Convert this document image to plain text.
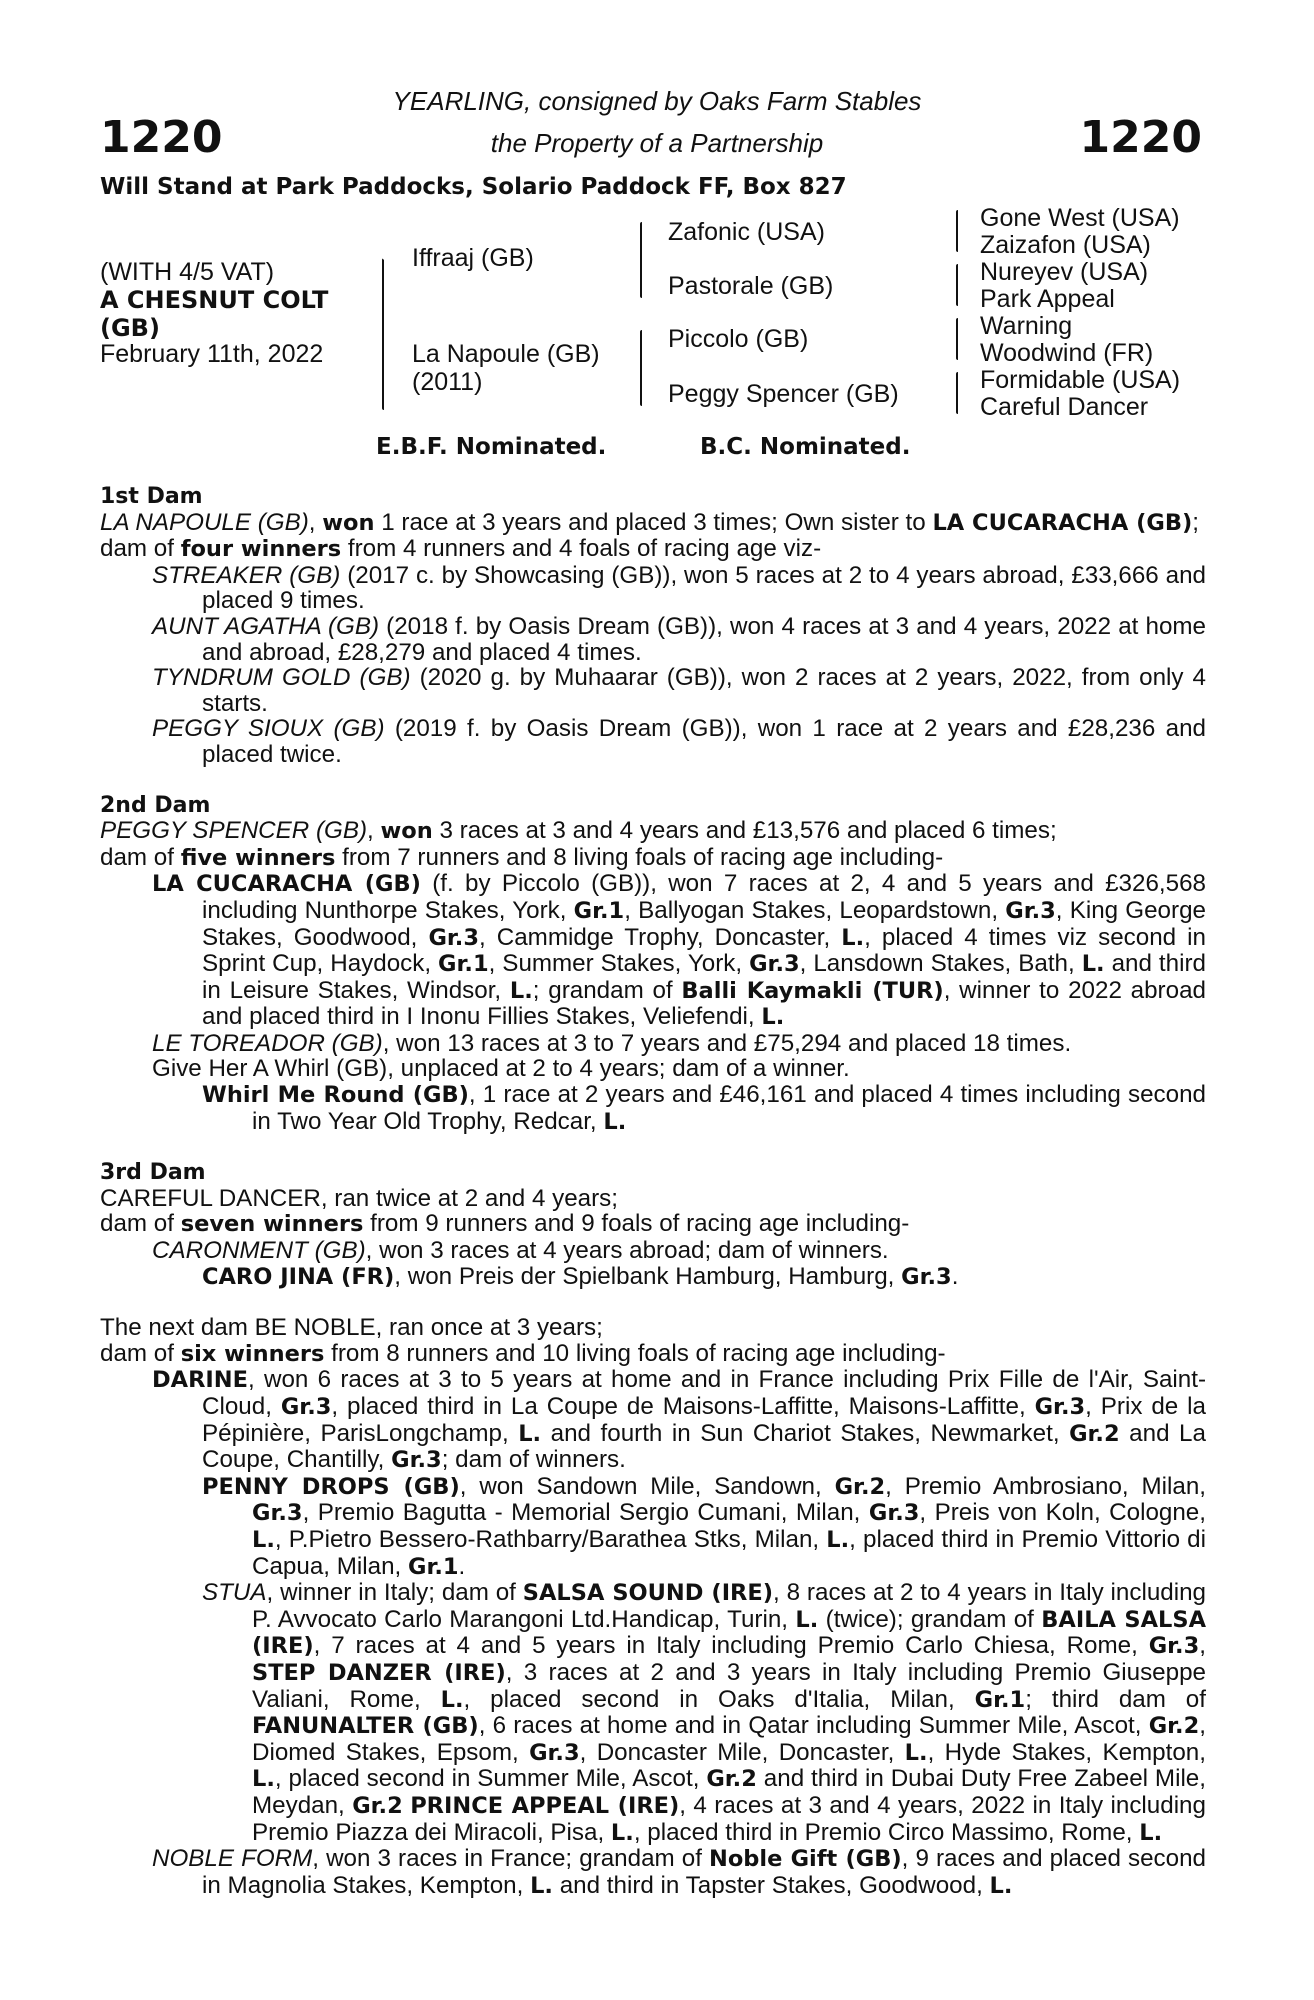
1220	1220
YEARLING, consigned by Oaks Farm Stables
the Property of a Partnership
Will Stand at Park Paddocks, Solario Paddock FF, Box 827
(WITH 4/5 VAT)
A CHESNUT COLT
(GB)
February 11th, 2022
Iffraaj (GB)
La Napoule (GB)
(2011)
Zafonic (USA)
Pastorale (GB)
Piccolo (GB)
Peggy Spencer (GB)
Gone West (USA)
Zaizafon (USA)
Nureyev (USA)
Park Appeal
Warning
Woodwind (FR)
Formidable (USA)
Careful Dancer
E.B.F. Nominated.	B.C. Nominated.
1st Dam
LA NAPOULE (GB), won 1 race at 3 years and placed 3 times; Own sister to LA CUCARACHA (GB);
dam of four winners from 4 runners and 4 foals of racing age viz-
STREAKER (GB) (2017 c. by Showcasing (GB)), won 5 races at 2 to 4 years abroad, £33,666 and placed 9 times.
AUNT AGATHA (GB) (2018 f. by Oasis Dream (GB)), won 4 races at 3 and 4 years, 2022 at home and abroad, £28,279 and placed 4 times.
TYNDRUM GOLD (GB) (2020 g. by Muhaarar (GB)), won 2 races at 2 years, 2022, from only 4 starts.
PEGGY SIOUX (GB) (2019 f. by Oasis Dream (GB)), won 1 race at 2 years and £28,236 and placed twice.
2nd Dam
PEGGY SPENCER (GB), won 3 races at 3 and 4 years and £13,576 and placed 6 times;
dam of five winners from 7 runners and 8 living foals of racing age including-
LA CUCARACHA (GB) (f. by Piccolo (GB)), won 7 races at 2, 4 and 5 years and £326,568 including Nunthorpe Stakes, York, Gr.1, Ballyogan Stakes, Leopardstown, Gr.3, King George Stakes, Goodwood, Gr.3, Cammidge Trophy, Doncaster, L., placed 4 times viz second in Sprint Cup, Haydock, Gr.1, Summer Stakes, York, Gr.3, Lansdown Stakes, Bath, L. and third in Leisure Stakes, Windsor, L.; grandam of Balli Kaymakli (TUR), winner to 2022 abroad and placed third in I Inonu Fillies Stakes, Veliefendi, L.
LE TOREADOR (GB), won 13 races at 3 to 7 years and £75,294 and placed 18 times.
Give Her A Whirl (GB), unplaced at 2 to 4 years; dam of a winner.
Whirl Me Round (GB), 1 race at 2 years and £46,161 and placed 4 times including second in Two Year Old Trophy, Redcar, L.
3rd Dam
CAREFUL DANCER, ran twice at 2 and 4 years;
dam of seven winners from 9 runners and 9 foals of racing age including-
CARONMENT (GB), won 3 races at 4 years abroad; dam of winners.
CARO JINA (FR), won Preis der Spielbank Hamburg, Hamburg, Gr.3.
The next dam BE NOBLE, ran once at 3 years;
dam of six winners from 8 runners and 10 living foals of racing age including-
DARINE, won 6 races at 3 to 5 years at home and in France including Prix Fille de l'Air, Saint-Cloud, Gr.3, placed third in La Coupe de Maisons-Laffitte, Maisons-Laffitte, Gr.3, Prix de la Pépinière, ParisLongchamp, L. and fourth in Sun Chariot Stakes, Newmarket, Gr.2 and La Coupe, Chantilly, Gr.3; dam of winners.
PENNY DROPS (GB), won Sandown Mile, Sandown, Gr.2, Premio Ambrosiano, Milan, Gr.3, Premio Bagutta - Memorial Sergio Cumani, Milan, Gr.3, Preis von Koln, Cologne, L., P.Pietro Bessero-Rathbarry/Barathea Stks, Milan, L., placed third in Premio Vittorio di Capua, Milan, Gr.1.
STUA, winner in Italy; dam of SALSA SOUND (IRE), 8 races at 2 to 4 years in Italy including P. Avvocato Carlo Marangoni Ltd.Handicap, Turin, L. (twice); grandam of BAILA SALSA (IRE), 7 races at 4 and 5 years in Italy including Premio Carlo Chiesa, Rome, Gr.3, STEP DANZER (IRE), 3 races at 2 and 3 years in Italy including Premio Giuseppe Valiani, Rome, L., placed second in Oaks d'Italia, Milan, Gr.1; third dam of FANUNALTER (GB), 6 races at home and in Qatar including Summer Mile, Ascot, Gr.2, Diomed Stakes, Epsom, Gr.3, Doncaster Mile, Doncaster, L., Hyde Stakes, Kempton, L., placed second in Summer Mile, Ascot, Gr.2 and third in Dubai Duty Free Zabeel Mile, Meydan, Gr.2 PRINCE APPEAL (IRE), 4 races at 3 and 4 years, 2022 in Italy including Premio Piazza dei Miracoli, Pisa, L., placed third in Premio Circo Massimo, Rome, L.
NOBLE FORM, won 3 races in France; grandam of Noble Gift (GB), 9 races and placed second in Magnolia Stakes, Kempton, L. and third in Tapster Stakes, Goodwood, L.
